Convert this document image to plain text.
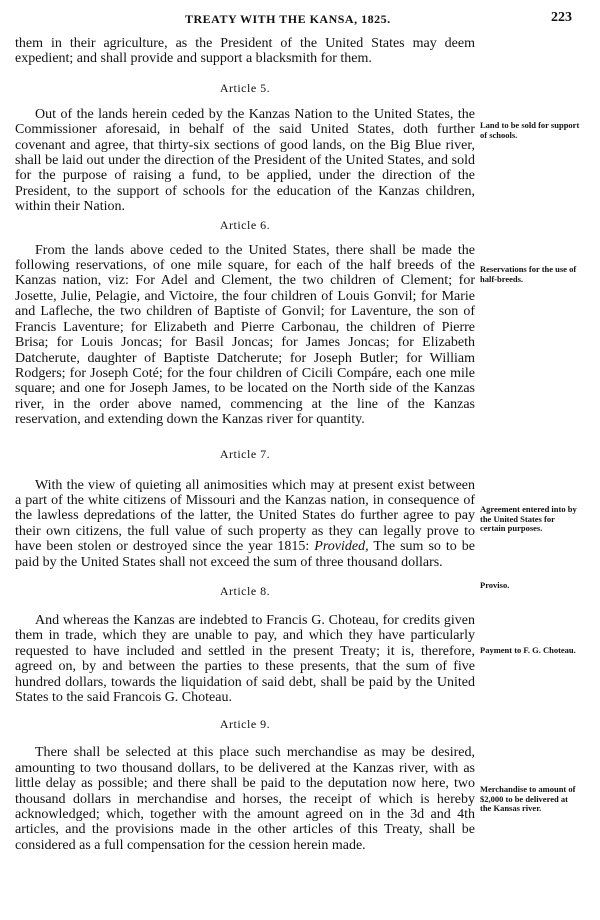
TREATY WITH THE KANSA, 1825.	223

them in their agriculture, as the President of the United States may deem expedient; and shall provide and support a blacksmith for them.

Article 5.

Out of the lands herein ceded by the Kanzas Nation to the United States, the Commissioner aforesaid, in behalf of the said United States, doth further covenant and agree, that thirty-six sections of good lands, on the Big Blue river, shall be laid out under the direction of the President of the United States, and sold for the purpose of raising a fund, to be applied, under the direction of the President, to the support of schools for the education of the Kanzas children, within their Nation.

Article 6.

From the lands above ceded to the United States, there shall be made the following reservations, of one mile square, for each of the half breeds of the Kanzas nation, viz: For Adel and Clement, the two children of Clement; for Josette, Julie, Pelagie, and Victoire, the four children of Louis Gonvil; for Marie and Lafleche, the two children of Baptiste of Gonvil; for Laventure, the son of Francis Laventure; for Elizabeth and Pierre Carbonau, the children of Pierre Brisa; for Louis Joncas; for Basil Joncas; for James Joncas; for Elizabeth Datcherute, daughter of Baptiste Datcherute; for Joseph Butler; for William Rodgers; for Joseph Coté; for the four children of Cicili Compáre, each one mile square; and one for Joseph James, to be located on the North side of the Kanzas river, in the order above named, commencing at the line of the Kanzas reservation, and extending down the Kanzas river for quantity.

Article 7.

With the view of quieting all animosities which may at present exist between a part of the white citizens of Missouri and the Kanzas nation, in consequence of the lawless depredations of the latter, the United States do further agree to pay their own citizens, the full value of such property as they can legally prove to have been stolen or destroyed since the year 1815: Provided, The sum so to be paid by the United States shall not exceed the sum of three thousand dollars.

Article 8.

And whereas the Kanzas are indebted to Francis G. Choteau, for credits given them in trade, which they are unable to pay, and which they have particularly requested to have included and settled in the present Treaty; it is, therefore, agreed on, by and between the parties to these presents, that the sum of five hundred dollars, towards the liquidation of said debt, shall be paid by the United States to the said Francois G. Choteau.

Article 9.

There shall be selected at this place such merchandise as may be desired, amounting to two thousand dollars, to be delivered at the Kanzas river, with as little delay as possible; and there shall be paid to the deputation now here, two thousand dollars in merchandise and horses, the receipt of which is hereby acknowledged; which, together with the amount agreed on in the 3d and 4th articles, and the provisions made in the other articles of this Treaty, shall be considered as a full compensation for the cession herein made.

Land to be sold for support of schools.
Reservations for the use of half-breeds.
Agreement entered into by the United States for certain purposes.
Proviso.
Payment to F. G. Choteau.
Merchandise to amount of $2,000 to be delivered at the Kansas river.
